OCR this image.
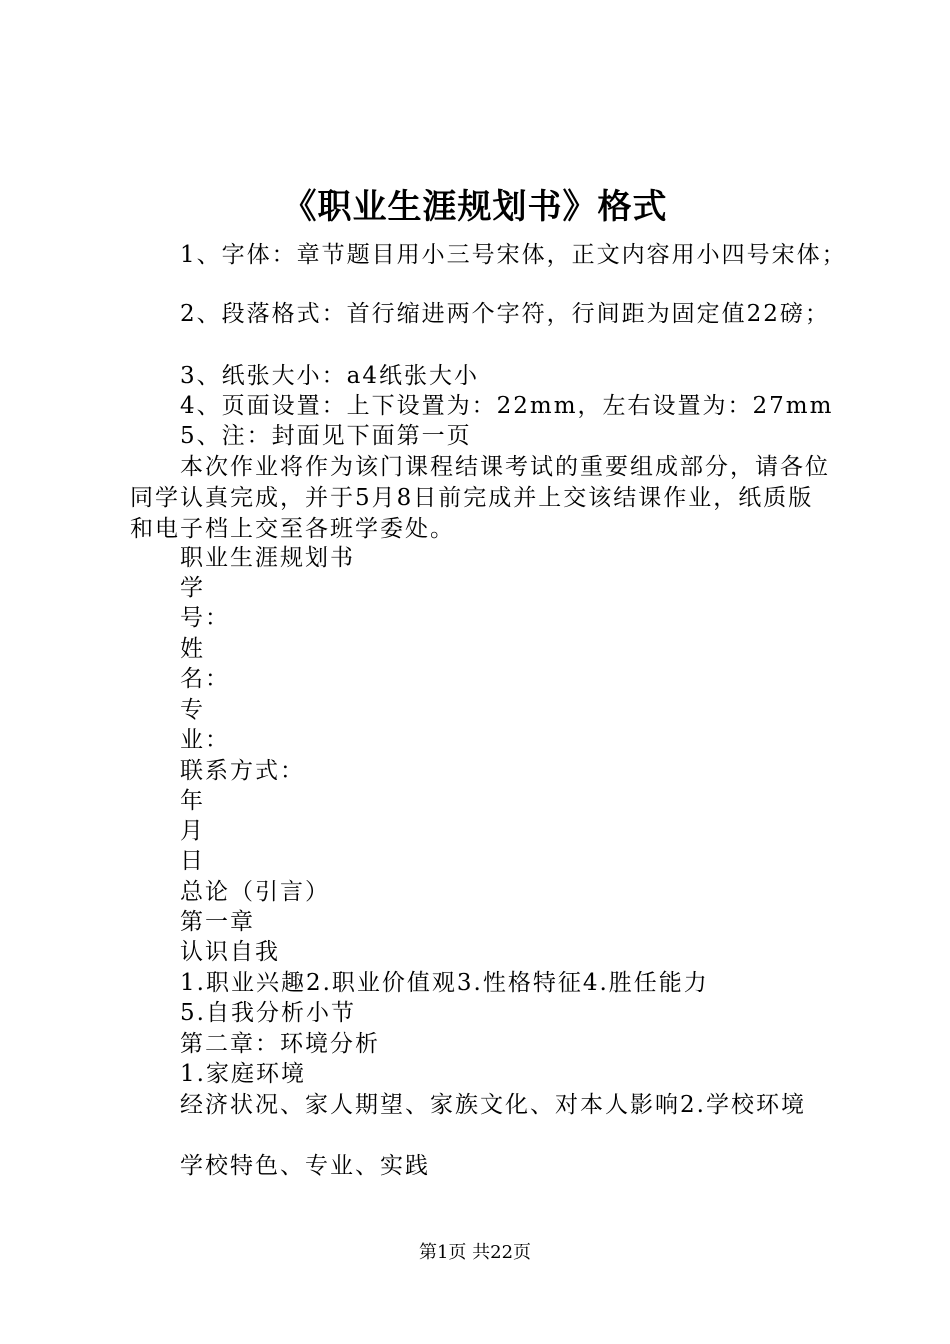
《职业生涯规划书》格式
1、字体：章节题目用小三号宋体，正文内容用小四号宋体；
2、段落格式：首行缩进两个字符，行间距为固定值22磅；
3、纸张大小：a4纸张大小
4、页面设置：上下设置为：22mm，左右设置为：27mm
5、注：封面见下面第一页
本次作业将作为该门课程结课考试的重要组成部分，请各位同学认真完成，并于5月8日前完成并上交该结课作业，纸质版和电子档上交至各班学委处。
职业生涯规划书
学
号：
姓
名：
专
业：
联系方式：
年
月
日
总论（引言）
第一章
认识自我
1.职业兴趣2.职业价值观3.性格特征4.胜任能力
5.自我分析小节
第二章：环境分析
1.家庭环境
经济状况、家人期望、家族文化、对本人影响2.学校环境
学校特色、专业、实践
第1页 共22页
